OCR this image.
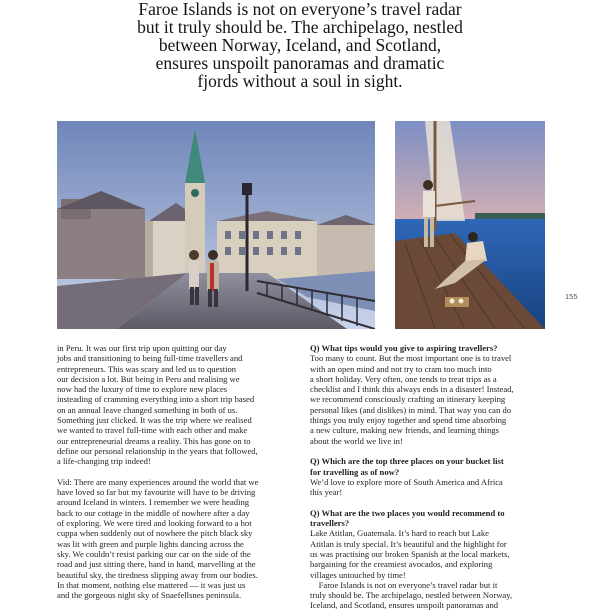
Faroe Islands is not on everyone’s travel radar
but it truly should be. The archipelago, nestled
between Norway, Iceland, and Scotland,
ensures unspoilt panoramas and dramatic
fjords without a soul in sight.
155
in Peru. It was our first trip upon quitting our day
jobs and transitioning to being full-time travellers and
entrepreneurs. This was scary and led us to question
our decision a lot. But being in Peru and realising we
now had the luxury of time to explore new places
insteading of cramming everything into a short trip based
on an annual leave changed something in both of us.
Something just clicked. It was the trip where we realised
we wanted to travel full-time with each other and make
our entrepreneurial dreams a reality. This has gone on to
define our personal relationship in the years that followed,
a life-changing trip indeed!
Vid: There are many experiences around the world that we
have loved so far but my favourite will have to be driving
around Iceland in winters. I remember we were heading
back to our cottage in the middle of nowhere after a day
of exploring. We were tired and looking forward to a hot
cuppa when suddenly out of nowhere the pitch black sky
was lit with green and purple lights dancing across the
sky. We couldn’t resist parking our car on the side of the
road and just sitting there, hand in hand, marvelling at the
beautiful sky, the tiredness slipping away from our bodies.
In that moment, nothing else mattered — it was just us
and the gorgeous night sky of Snaefellsnes peninsula.
Q) What tips would you give to aspiring travellers?
Too many to count. But the most important one is to travel
with an open mind and not try to cram too much into
a short holiday. Very often, one tends to treat trips as a
checklist and I think this always ends in a disaster! Instead,
we recommend consciously crafting an itinerary keeping
personal likes (and dislikes) in mind. That way you can do
things you truly enjoy together and spend time absorbing
a new culture, making new friends, and learning things
about the world we live in!
Q) Which are the top three places on your bucket list
for travelling as of now?
We’d love to explore more of South America and Africa
this year!
Q) What are the two places you would recommend to
travellers?
Lake Atitlan, Guatemala. It’s hard to reach but Lake
Atitlan is truly special. It’s beautiful and the highlight for
us was practising our broken Spanish at the local markets,
bargaining for the creamiest avocados, and exploring
villages untouched by time!
Faroe Islands is not on everyone’s travel radar but it
truly should be. The archipelago, nestled between Norway,
Iceland, and Scotland, ensures unspoilt panoramas and
